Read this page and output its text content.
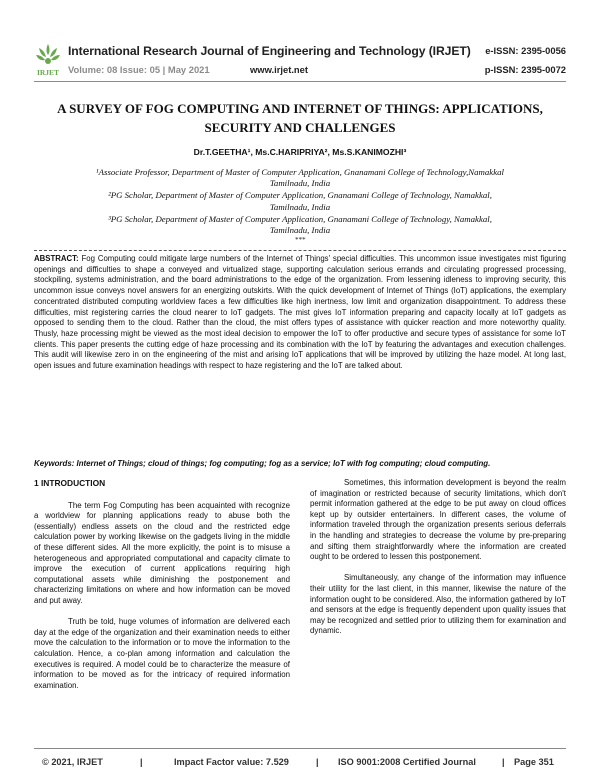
IRJET
International Research Journal of Engineering and Technology (IRJET)
Volume: 08 Issue: 05 | May 2021	www.irjet.net
e-ISSN: 2395-0056
p-ISSN: 2395-0072
A SURVEY OF FOG COMPUTING AND INTERNET OF THINGS: APPLICATIONS,
SECURITY AND CHALLENGES
Dr.T.GEETHA¹, Ms.C.HARIPRIYA², Ms.S.KANIMOZHI³
¹Associate Professor, Department of Master of Computer Application, Gnanamani College of Technology,Namakkal
Tamilnadu, India
²PG Scholar, Department of Master of Computer Application, Gnanamani College of Technology, Namakkal,
Tamilnadu, India
³PG Scholar, Department of Master of Computer Application, Gnanamani College of Technology, Namakkal,
Tamilnadu, India
***
ABSTRACT: Fog Computing could mitigate large numbers of the Internet of Things' special difficulties. This uncommon issue investigates mist figuring openings and difficulties to shape a conveyed and virtualized stage, supporting calculation serious errands and circulating progressed processing, stockpiling, systems administration, and the board administrations to the edge of the organization. From lessening idleness to improving security, this uncommon issue conveys novel answers for an energizing outskirts. With the quick development of Internet of Things (IoT) applications, the exemplary concentrated distributed computing worldview faces a few difficulties like high inertness, low limit and organization disappointment. To address these difficulties, mist registering carries the cloud nearer to IoT gadgets. The mist gives IoT information preparing and capacity locally at IoT gadgets as opposed to sending them to the cloud. Rather than the cloud, the mist offers types of assistance with quicker reaction and more noteworthy quality. Thusly, haze processing might be viewed as the most ideal decision to empower the IoT to offer productive and secure types of assistance for some IoT clients. This paper presents the cutting edge of haze processing and its combination with the IoT by featuring the advantages and execution challenges. This audit will likewise zero in on the engineering of the mist and arising IoT applications that will be improved by utilizing the haze model. At long last, open issues and future examination headings with respect to haze registering and the IoT are talked about.
Keywords: Internet of Things; cloud of things; fog computing; fog as a service; IoT with fog computing; cloud computing.
1 INTRODUCTION

The term Fog Computing has been acquainted with recognize a worldview for planning applications ready to abuse both the (essentially) endless assets on the cloud and the restricted edge calculation power by working likewise on the gadgets living in the middle of these different sides. All the more explicitly, the point is to misuse a heterogeneous and appropriated computational and capacity climate to improve the execution of current applications requiring high computational assets while diminishing the postponement and characterizing limitations on where and how information can be moved and put away.

Truth be told, huge volumes of information are delivered each day at the edge of the organization and their examination needs to either move the calculation to the information or to move the information to the calculation. Hence, a co-plan among information and calculation the executives is required. A model could be to characterize the measure of information to be moved as for the intricacy of required information examination.

Sometimes, this information development is beyond the realm of imagination or restricted because of security limitations, which don't permit information gathered at the edge to be put away on cloud offices kept up by outsider entertainers. In different cases, the volume of information traveled through the organization presents serious deferrals in the handling and strategies to decrease the volume by pre-preparing and sifting them straightforwardly where the information are created ought to be ordered to lessen this postponement.

Simultaneously, any change of the information may influence their utility for the last client, in this manner, likewise the nature of the information ought to be considered. Also, the information gathered by IoT and sensors at the edge is frequently dependent upon quality issues that may be recognized and settled prior to utilizing them for examination and dynamic.

© 2021, IRJET	|	Impact Factor value: 7.529	| ISO 9001:2008 Certified Journal	| Page 351
